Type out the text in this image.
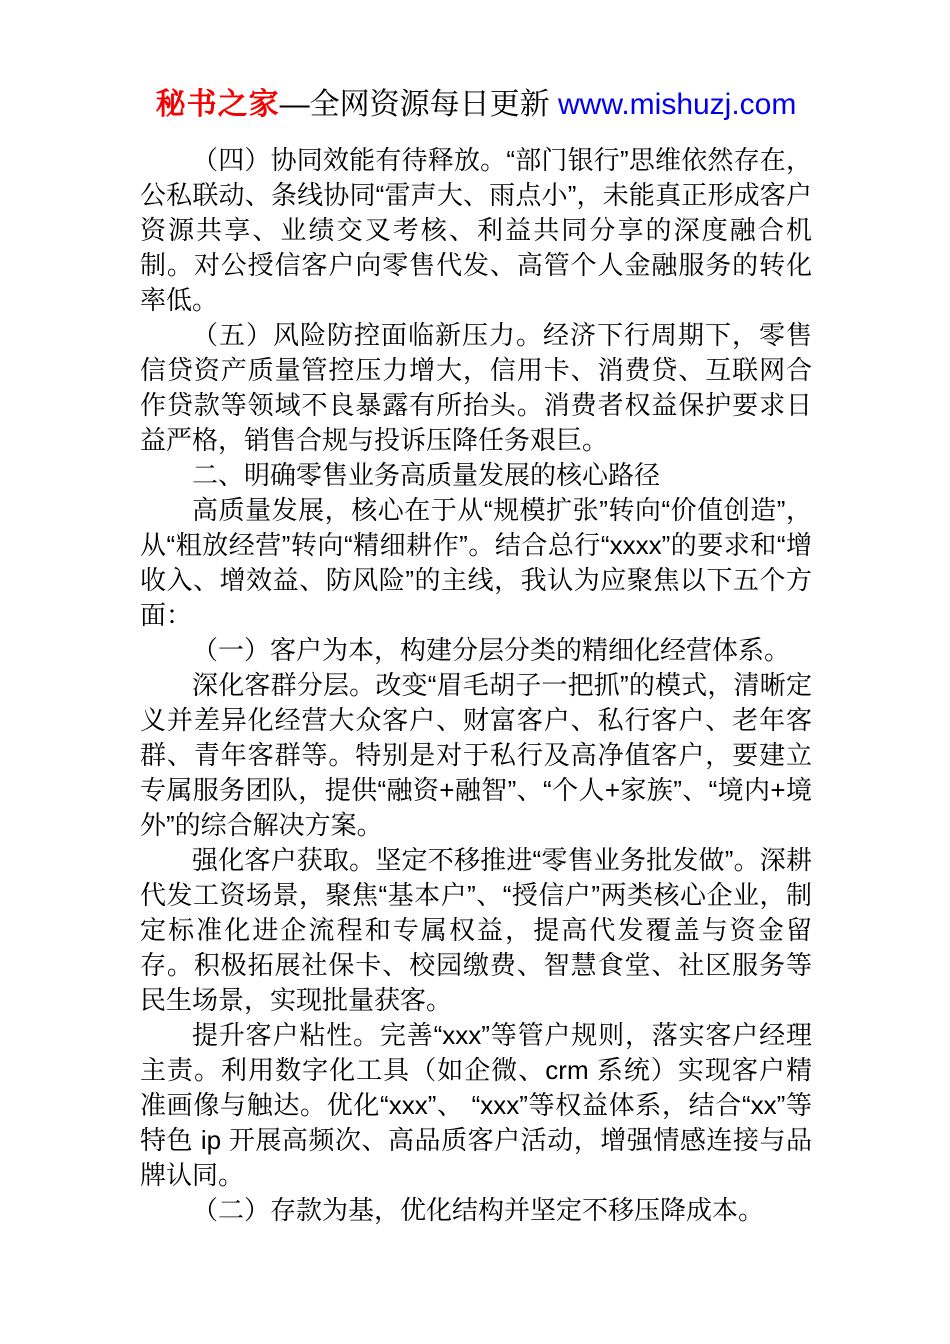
秘书之家—全网资源每日更新 www.mishuzj.com

（四）协同效能有待释放。“部门银行”思维依然存在，公私联动、条线协同“雷声大、雨点小”，未能真正形成客户资源共享、业绩交叉考核、利益共同分享的深度融合机制。对公授信客户向零售代发、高管个人金融服务的转化率低。

（五）风险防控面临新压力。经济下行周期下，零售信贷资产质量管控压力增大，信用卡、消费贷、互联网合作贷款等领域不良暴露有所抬头。消费者权益保护要求日益严格，销售合规与投诉压降任务艰巨。

二、明确零售业务高质量发展的核心路径

高质量发展，核心在于从“规模扩张”转向“价值创造”，从“粗放经营”转向“精细耕作”。结合总行“xxxx”的要求和“增收入、增效益、防风险”的主线，我认为应聚焦以下五个方面：

（一）客户为本，构建分层分类的精细化经营体系。

深化客群分层。改变“眉毛胡子一把抓”的模式，清晰定义并差异化经营大众客户、财富客户、私行客户、老年客群、青年客群等。特别是对于私行及高净值客户，要建立专属服务团队，提供“融资+融智”、“个人+家族”、“境内+境外”的综合解决方案。

强化客户获取。坚定不移推进“零售业务批发做”。深耕代发工资场景，聚焦“基本户”、“授信户”两类核心企业，制定标准化进企流程和专属权益，提高代发覆盖与资金留存。积极拓展社保卡、校园缴费、智慧食堂、社区服务等民生场景，实现批量获客。

提升客户粘性。完善“xxx”等管户规则，落实客户经理主责。利用数字化工具（如企微、crm 系统）实现客户精准画像与触达。优化“xxx”、 “xxx”等权益体系，结合“xx”等特色 ip 开展高频次、高品质客户活动，增强情感连接与品牌认同。

（二）存款为基，优化结构并坚定不移压降成本。
